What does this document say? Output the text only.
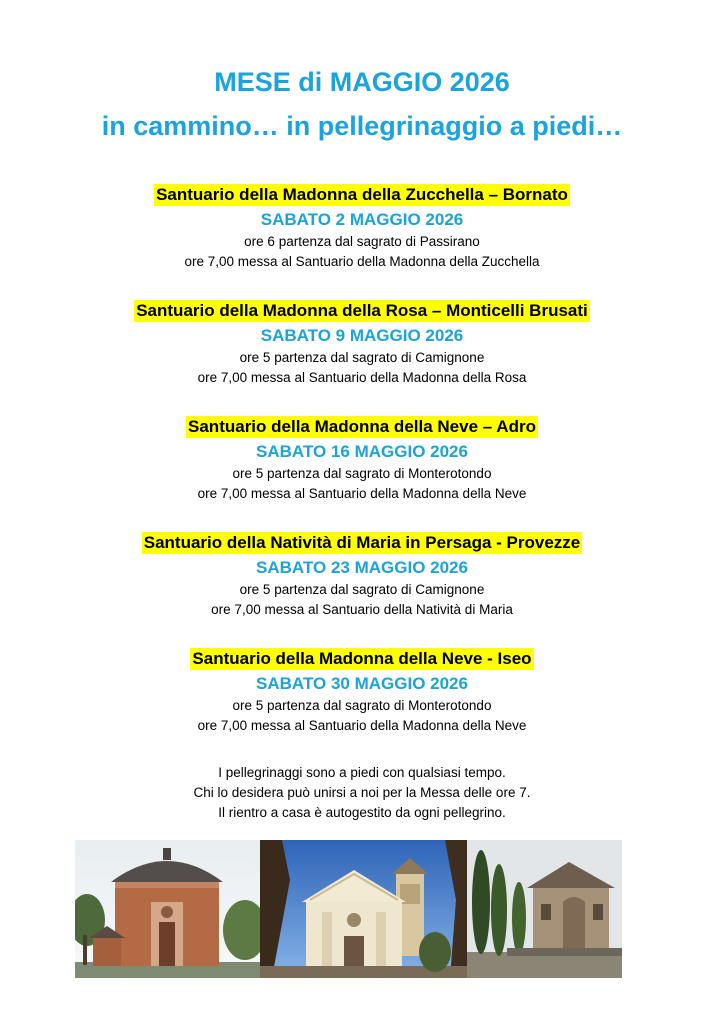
MESE di MAGGIO 2026
in cammino… in pellegrinaggio a piedi…
Santuario della Madonna della Zucchella – Bornato
SABATO 2 MAGGIO 2026
ore 6 partenza dal sagrato di Passirano
ore 7,00 messa al Santuario della Madonna della Zucchella
Santuario della Madonna della Rosa – Monticelli Brusati
SABATO 9 MAGGIO 2026
ore 5 partenza dal sagrato di Camignone
ore 7,00 messa al Santuario della Madonna della Rosa
Santuario della Madonna della Neve – Adro
SABATO 16 MAGGIO 2026
ore 5 partenza dal sagrato di Monterotondo
ore 7,00 messa al Santuario della Madonna della Neve
Santuario della Natività di Maria in Persaga - Provezze
SABATO 23 MAGGIO 2026
ore 5 partenza dal sagrato di Camignone
ore 7,00 messa al Santuario della Natività di Maria
Santuario della Madonna della Neve - Iseo
SABATO 30 MAGGIO 2026
ore 5 partenza dal sagrato di Monterotondo
ore 7,00 messa al Santuario della Madonna della Neve
I pellegrinaggi sono a piedi con qualsiasi tempo.
Chi lo desidera può unirsi a noi per la Messa delle ore 7.
Il rientro a casa è autogestito da ogni pellegrino.
